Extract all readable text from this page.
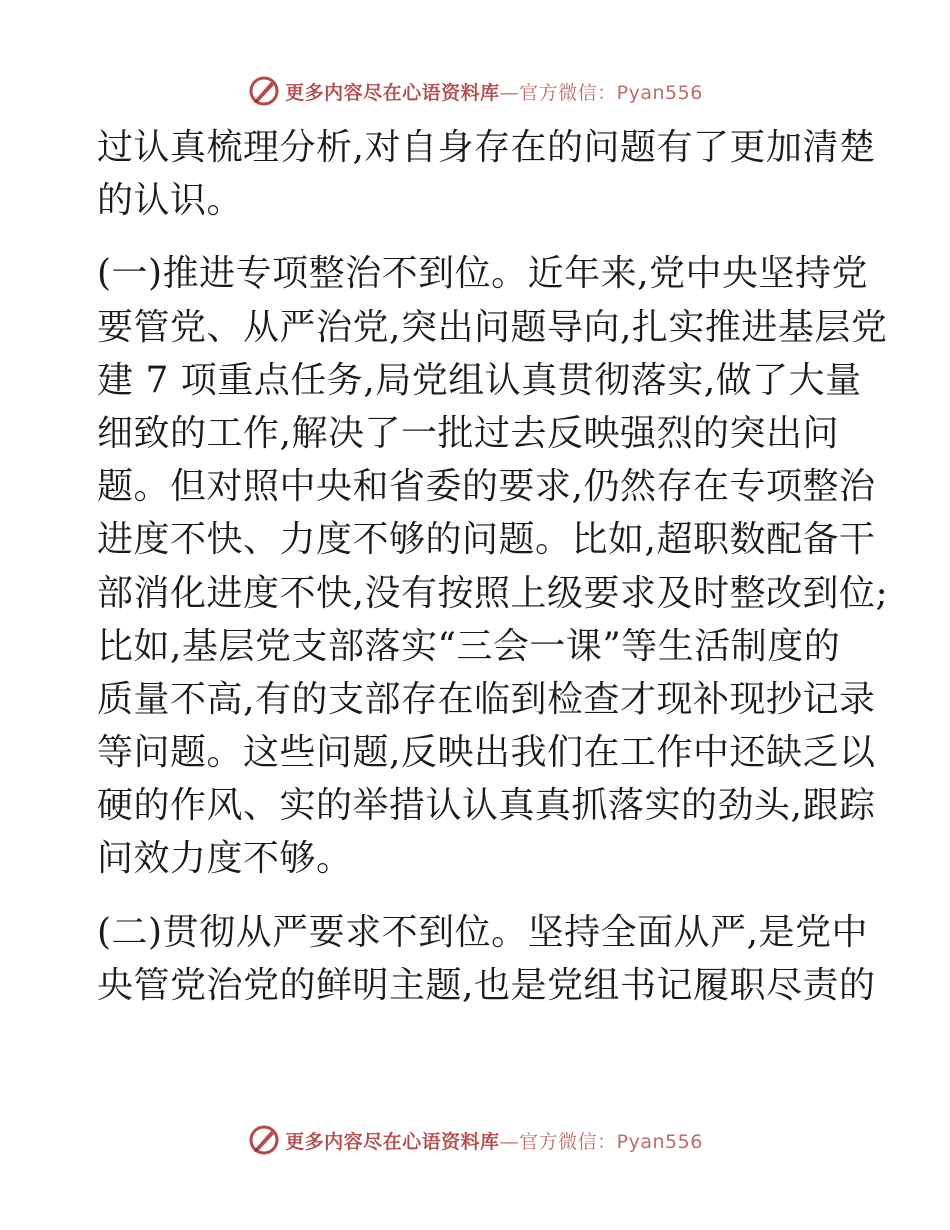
更多内容尽在心语资料库—官方微信：Pyan556
过认真梳理分析,对自身存在的问题有了更加清楚
的认识。
(一)推进专项整治不到位。近年来,党中央坚持党
要管党、从严治党,突出问题导向,扎实推进基层党
建 7 项重点任务,局党组认真贯彻落实,做了大量
细致的工作,解决了一批过去反映强烈的突出问
题。但对照中央和省委的要求,仍然存在专项整治
进度不快、力度不够的问题。比如,超职数配备干
部消化进度不快,没有按照上级要求及时整改到位;
比如,基层党支部落实“三会一课”等生活制度的
质量不高,有的支部存在临到检查才现补现抄记录
等问题。这些问题,反映出我们在工作中还缺乏以
硬的作风、实的举措认认真真抓落实的劲头,跟踪
问效力度不够。
(二)贯彻从严要求不到位。坚持全面从严,是党中
央管党治党的鲜明主题,也是党组书记履职尽责的
更多内容尽在心语资料库—官方微信：Pyan556
